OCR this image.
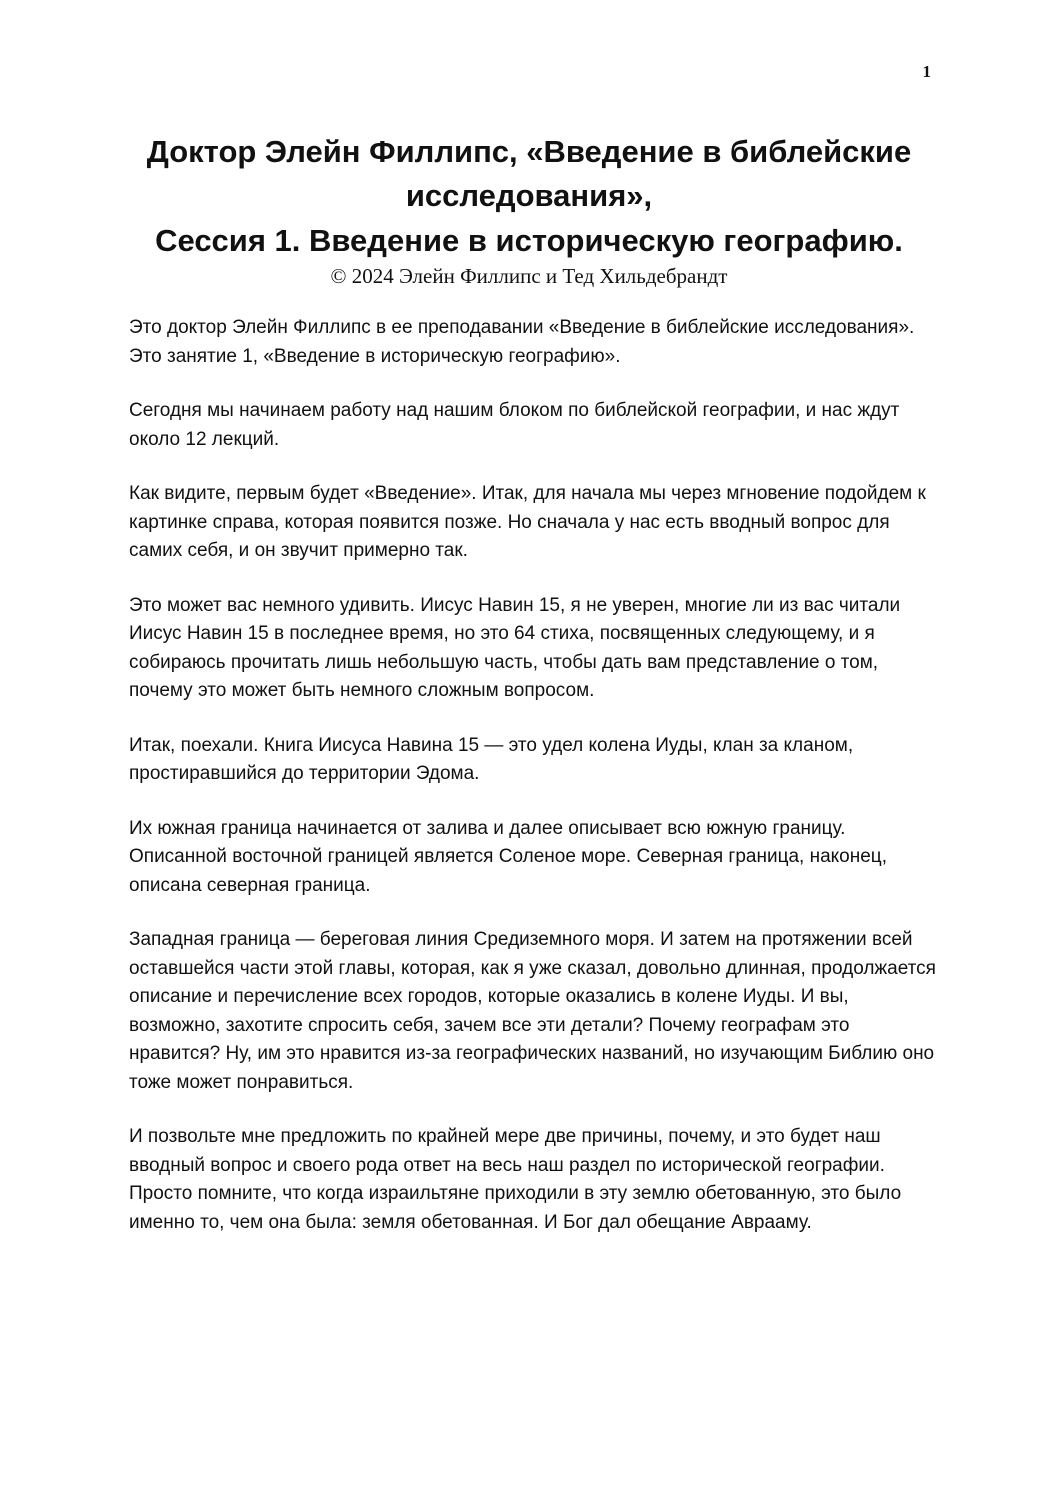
1
Доктор Элейн Филлипс, «Введение в библейские исследования»,
Сессия 1. Введение в историческую географию.

© 2024 Элейн Филлипс и Тед Хильдебрандт

Это доктор Элейн Филлипс в ее преподавании «Введение в библейские исследования». Это занятие 1, «Введение в историческую географию».

Сегодня мы начинаем работу над нашим блоком по библейской географии, и нас ждут около 12 лекций.

Как видите, первым будет «Введение». Итак, для начала мы через мгновение подойдем к картинке справа, которая появится позже. Но сначала у нас есть вводный вопрос для самих себя, и он звучит примерно так.

Это может вас немного удивить. Иисус Навин 15, я не уверен, многие ли из вас читали Иисус Навин 15 в последнее время, но это 64 стиха, посвященных следующему, и я собираюсь прочитать лишь небольшую часть, чтобы дать вам представление о том, почему это может быть немного сложным вопросом.

Итак, поехали. Книга Иисуса Навина 15 — это удел колена Иуды, клан за кланом, простиравшийся до территории Эдома.

Их южная граница начинается от залива и далее описывает всю южную границу. Описанной восточной границей является Соленое море. Северная граница, наконец, описана северная граница.

Западная граница — береговая линия Средиземного моря. И затем на протяжении всей оставшейся части этой главы, которая, как я уже сказал, довольно длинная, продолжается описание и перечисление всех городов, которые оказались в колене Иуды. И вы, возможно, захотите спросить себя, зачем все эти детали? Почему географам это нравится? Ну, им это нравится из-за географических названий, но изучающим Библию оно тоже может понравиться.

И позвольте мне предложить по крайней мере две причины, почему, и это будет наш вводный вопрос и своего рода ответ на весь наш раздел по исторической географии. Просто помните, что когда израильтяне приходили в эту землю обетованную, это было именно то, чем она была: земля обетованная. И Бог дал обещание Аврааму.
